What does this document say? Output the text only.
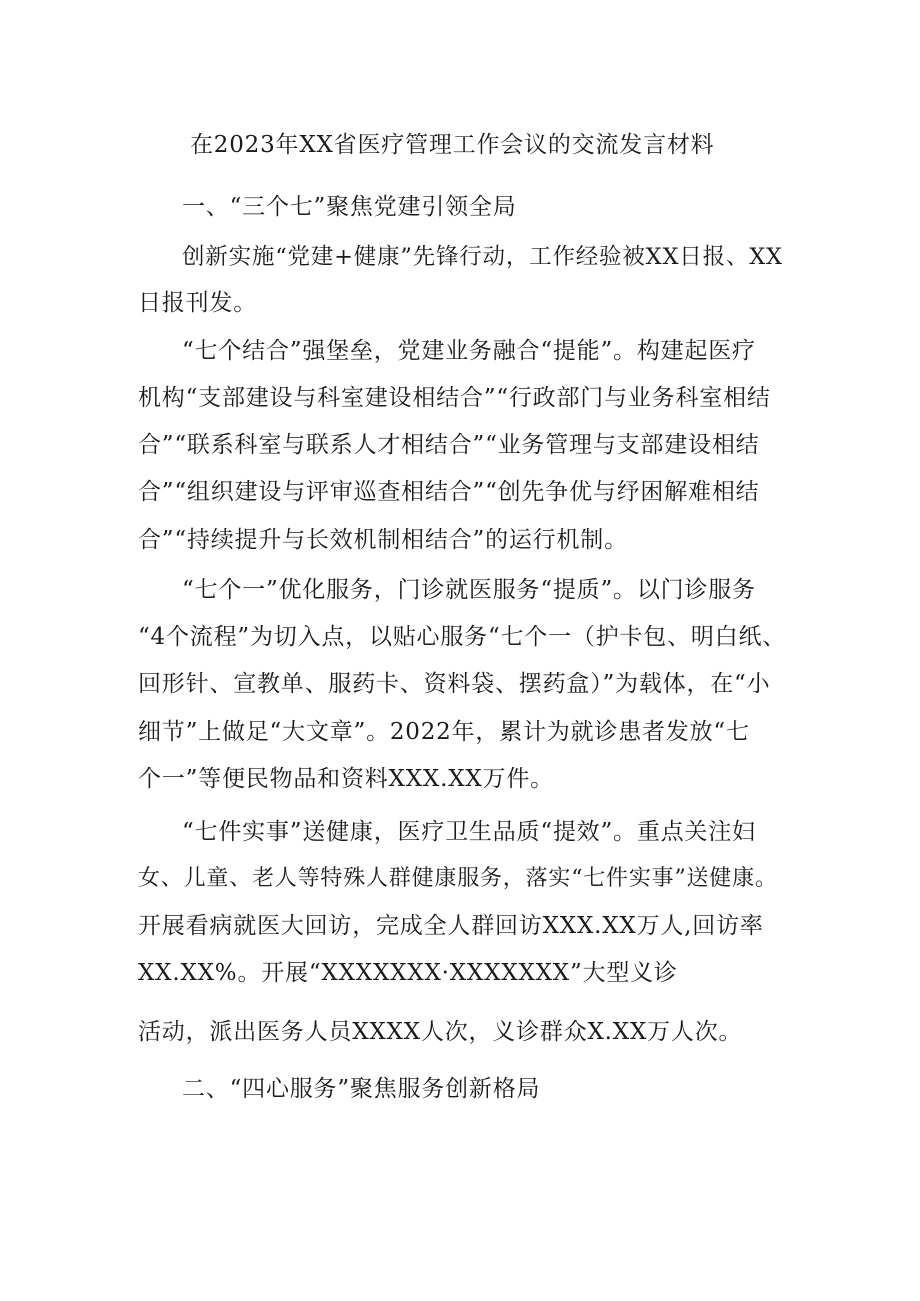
在2023年XX省医疗管理工作会议的交流发言材料
一、“三个七”聚焦党建引领全局
创新实施“党建+健康”先锋行动，工作经验被XX日报、XX
日报刊发。
“七个结合”强堡垒，党建业务融合“提能”。构建起医疗
机构“支部建设与科室建设相结合”“行政部门与业务科室相结
合”“联系科室与联系人才相结合”“业务管理与支部建设相结
合”“组织建设与评审巡查相结合”“创先争优与纾困解难相结
合”“持续提升与长效机制相结合”的运行机制。
“七个一”优化服务，门诊就医服务“提质”。以门诊服务
“4个流程”为切入点，以贴心服务“七个一（护卡包、明白纸、
回形针、宣教单、服药卡、资料袋、摆药盒）”为载体，在“小
细节”上做足“大文章”。2022年，累计为就诊患者发放“七
个一”等便民物品和资料XXX.XX万件。
“七件实事”送健康，医疗卫生品质“提效”。重点关注妇
女、儿童、老人等特殊人群健康服务，落实“七件实事”送健康。
开展看病就医大回访，完成全人群回访XXX.XX万人,回访率
XX.XX%。开展“XXXXXXX·XXXXXXX”大型义诊
活动，派出医务人员XXXX人次，义诊群众X.XX万人次。
二、“四心服务”聚焦服务创新格局
